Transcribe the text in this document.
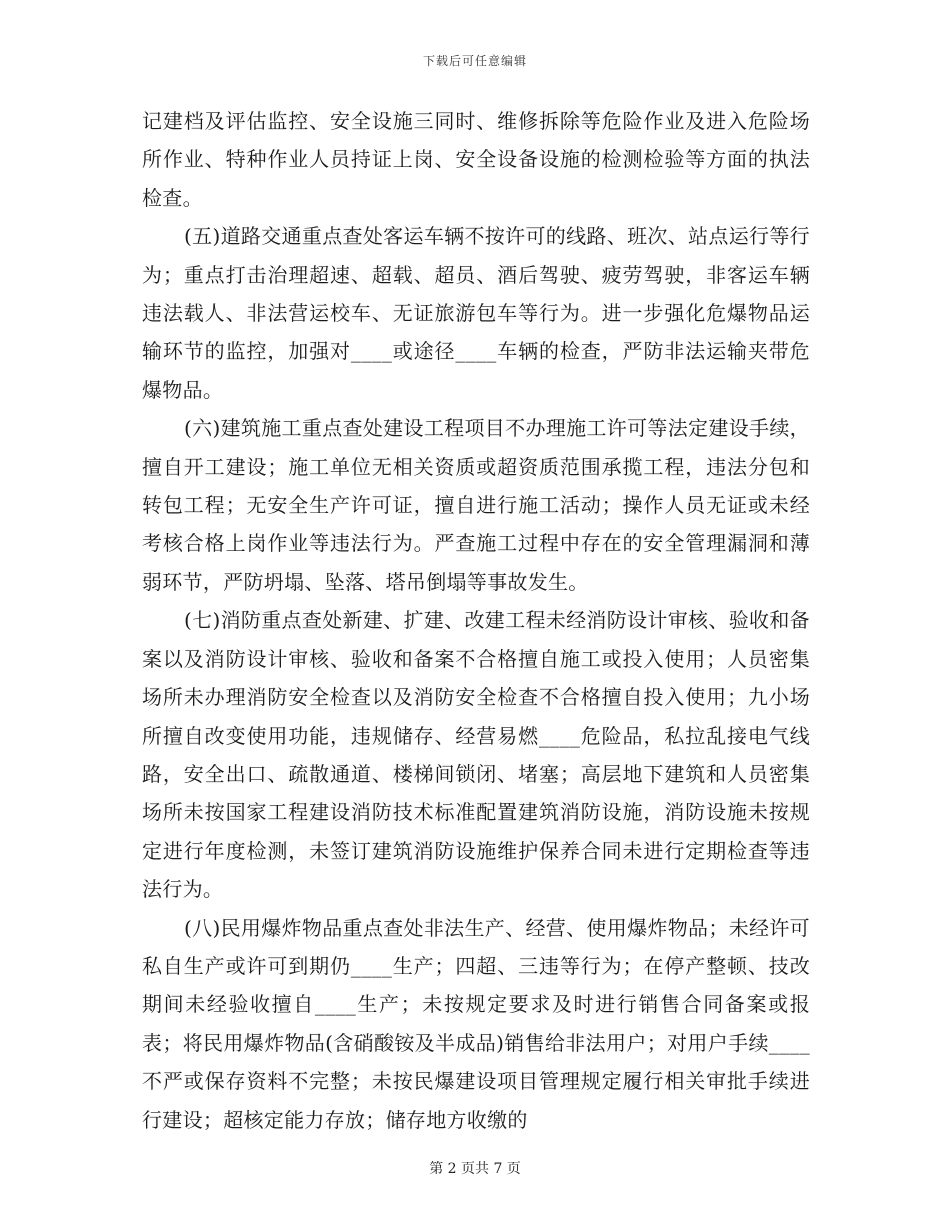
下载后可任意编辑

记建档及评估监控、安全设施三同时、维修拆除等危险作业及进入危险场所作业、特种作业人员持证上岗、安全设备设施的检测检验等方面的执法检查。

(五)道路交通重点查处客运车辆不按许可的线路、班次、站点运行等行为；重点打击治理超速、超载、超员、酒后驾驶、疲劳驾驶，非客运车辆违法载人、非法营运校车、无证旅游包车等行为。进一步强化危爆物品运输环节的监控，加强对____或途径____车辆的检查，严防非法运输夹带危爆物品。

(六)建筑施工重点查处建设工程项目不办理施工许可等法定建设手续，擅自开工建设；施工单位无相关资质或超资质范围承揽工程，违法分包和转包工程；无安全生产许可证，擅自进行施工活动；操作人员无证或未经考核合格上岗作业等违法行为。严查施工过程中存在的安全管理漏洞和薄弱环节，严防坍塌、坠落、塔吊倒塌等事故发生。

(七)消防重点查处新建、扩建、改建工程未经消防设计审核、验收和备案以及消防设计审核、验收和备案不合格擅自施工或投入使用；人员密集场所未办理消防安全检查以及消防安全检查不合格擅自投入使用；九小场所擅自改变使用功能，违规储存、经营易燃____危险品，私拉乱接电气线路，安全出口、疏散通道、楼梯间锁闭、堵塞；高层地下建筑和人员密集场所未按国家工程建设消防技术标准配置建筑消防设施，消防设施未按规定进行年度检测，未签订建筑消防设施维护保养合同未进行定期检查等违法行为。

(八)民用爆炸物品重点查处非法生产、经营、使用爆炸物品；未经许可私自生产或许可到期仍____生产；四超、三违等行为；在停产整顿、技改期间未经验收擅自____生产；未按规定要求及时进行销售合同备案或报表；将民用爆炸物品(含硝酸铵及半成品)销售给非法用户；对用户手续____不严或保存资料不完整；未按民爆建设项目管理规定履行相关审批手续进行建设；超核定能力存放；储存地方收缴的

第 2 页共 7 页
